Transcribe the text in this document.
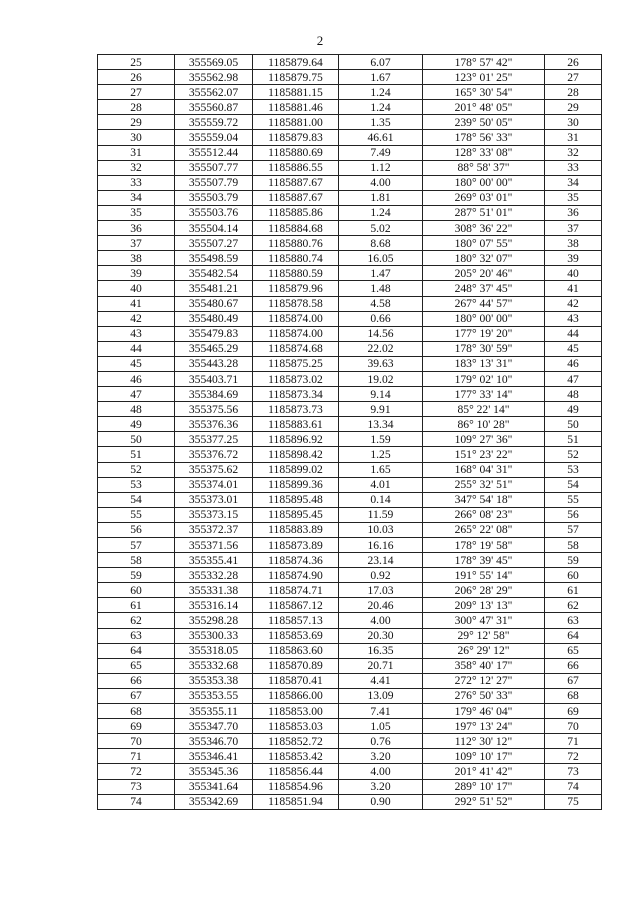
2
25	355569.05	1185879.64	6.07	178° 57' 42"	26
26	355562.98	1185879.75	1.67	123° 01' 25"	27
27	355562.07	1185881.15	1.24	165° 30' 54"	28
28	355560.87	1185881.46	1.24	201° 48' 05"	29
29	355559.72	1185881.00	1.35	239° 50' 05"	30
30	355559.04	1185879.83	46.61	178° 56' 33"	31
31	355512.44	1185880.69	7.49	128° 33' 08"	32
32	355507.77	1185886.55	1.12	88° 58' 37"	33
33	355507.79	1185887.67	4.00	180° 00' 00"	34
34	355503.79	1185887.67	1.81	269° 03' 01"	35
35	355503.76	1185885.86	1.24	287° 51' 01"	36
36	355504.14	1185884.68	5.02	308° 36' 22"	37
37	355507.27	1185880.76	8.68	180° 07' 55"	38
38	355498.59	1185880.74	16.05	180° 32' 07"	39
39	355482.54	1185880.59	1.47	205° 20' 46"	40
40	355481.21	1185879.96	1.48	248° 37' 45"	41
41	355480.67	1185878.58	4.58	267° 44' 57"	42
42	355480.49	1185874.00	0.66	180° 00' 00"	43
43	355479.83	1185874.00	14.56	177° 19' 20"	44
44	355465.29	1185874.68	22.02	178° 30' 59"	45
45	355443.28	1185875.25	39.63	183° 13' 31"	46
46	355403.71	1185873.02	19.02	179° 02' 10"	47
47	355384.69	1185873.34	9.14	177° 33' 14"	48
48	355375.56	1185873.73	9.91	85° 22' 14"	49
49	355376.36	1185883.61	13.34	86° 10' 28"	50
50	355377.25	1185896.92	1.59	109° 27' 36"	51
51	355376.72	1185898.42	1.25	151° 23' 22"	52
52	355375.62	1185899.02	1.65	168° 04' 31"	53
53	355374.01	1185899.36	4.01	255° 32' 51"	54
54	355373.01	1185895.48	0.14	347° 54' 18"	55
55	355373.15	1185895.45	11.59	266° 08' 23"	56
56	355372.37	1185883.89	10.03	265° 22' 08"	57
57	355371.56	1185873.89	16.16	178° 19' 58"	58
58	355355.41	1185874.36	23.14	178° 39' 45"	59
59	355332.28	1185874.90	0.92	191° 55' 14"	60
60	355331.38	1185874.71	17.03	206° 28' 29"	61
61	355316.14	1185867.12	20.46	209° 13' 13"	62
62	355298.28	1185857.13	4.00	300° 47' 31"	63
63	355300.33	1185853.69	20.30	29° 12' 58"	64
64	355318.05	1185863.60	16.35	26° 29' 12"	65
65	355332.68	1185870.89	20.71	358° 40' 17"	66
66	355353.38	1185870.41	4.41	272° 12' 27"	67
67	355353.55	1185866.00	13.09	276° 50' 33"	68
68	355355.11	1185853.00	7.41	179° 46' 04"	69
69	355347.70	1185853.03	1.05	197° 13' 24"	70
70	355346.70	1185852.72	0.76	112° 30' 12"	71
71	355346.41	1185853.42	3.20	109° 10' 17"	72
72	355345.36	1185856.44	4.00	201° 41' 42"	73
73	355341.64	1185854.96	3.20	289° 10' 17"	74
74	355342.69	1185851.94	0.90	292° 51' 52"	75
